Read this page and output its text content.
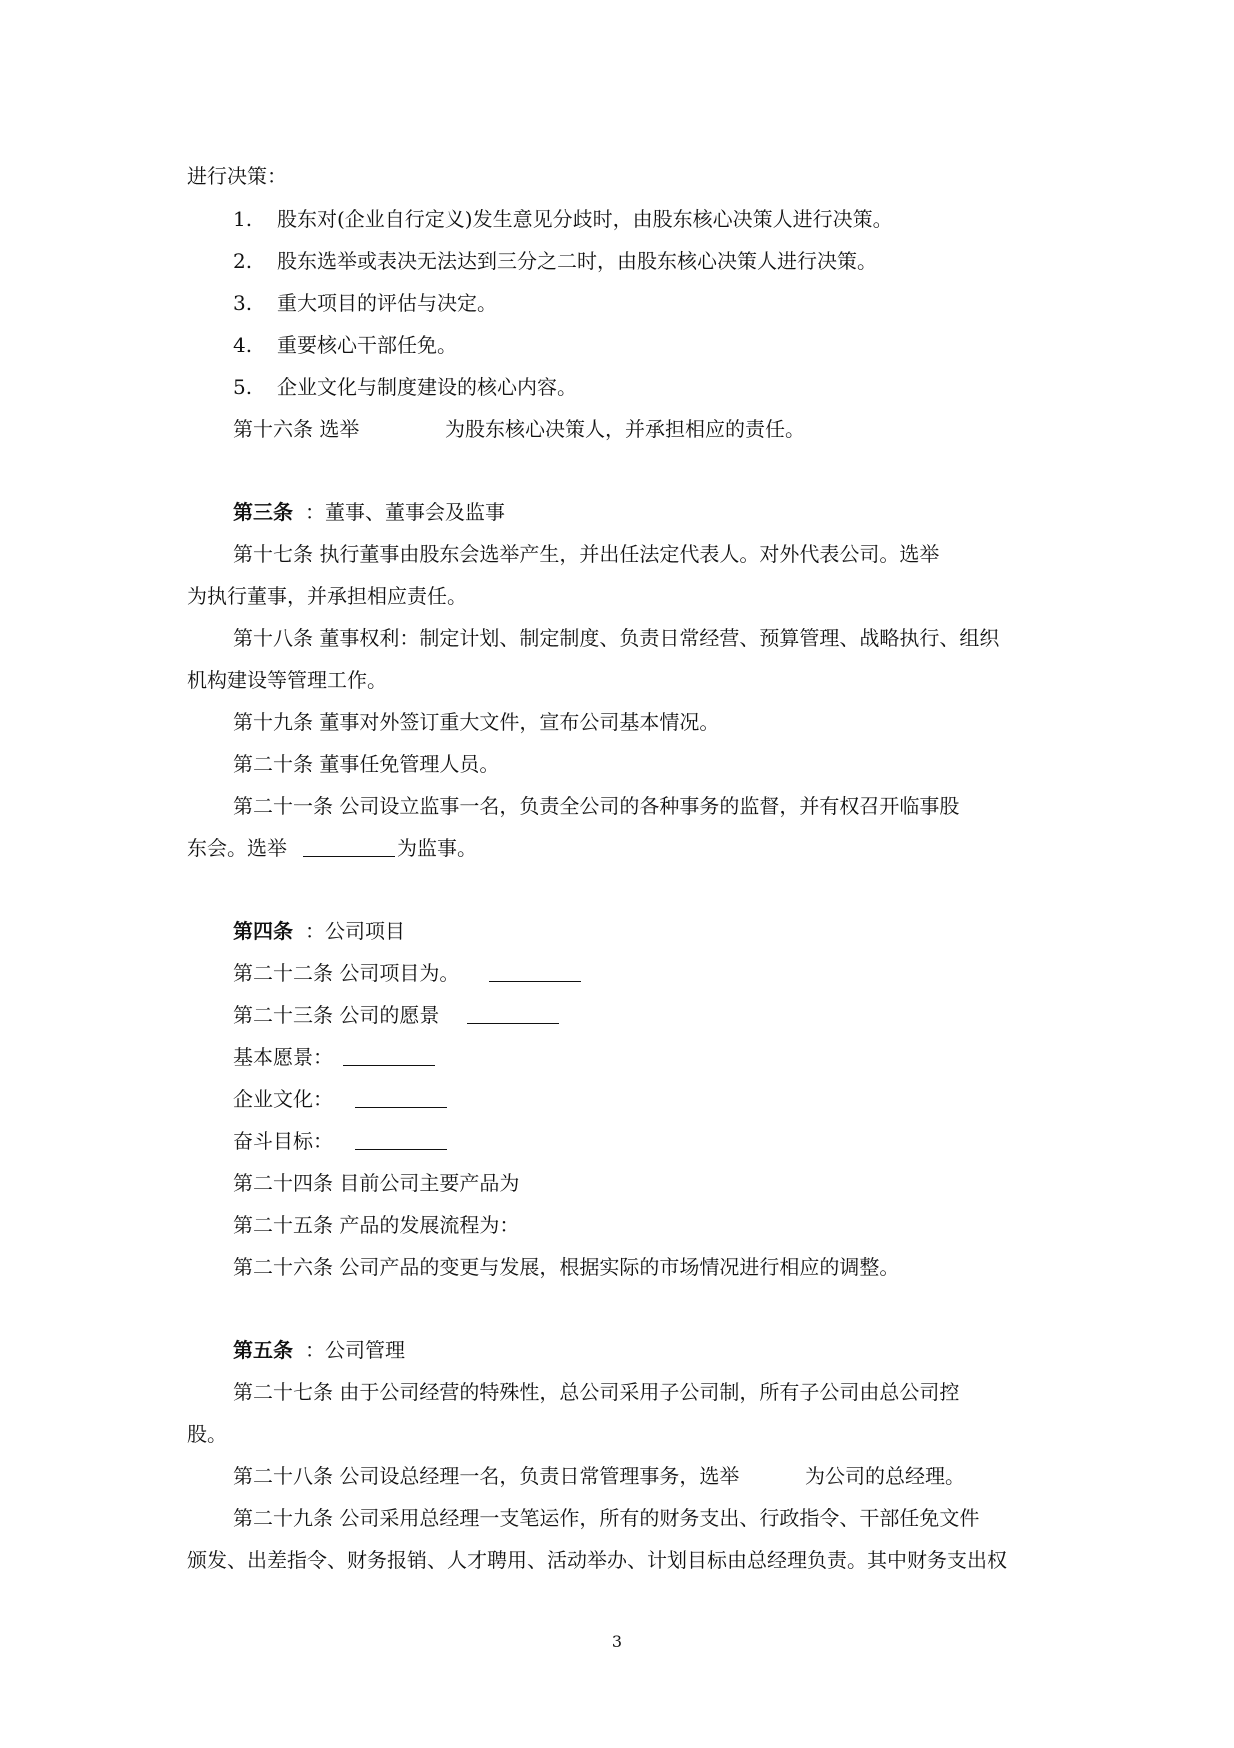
进行决策：
1. 股东对(企业自行定义)发生意见分歧时，由股东核心决策人进行决策。
2. 股东选举或表决无法达到三分之二时，由股东核心决策人进行决策。
3. 重大项目的评估与决定。
4. 重要核心干部任免。
5. 企业文化与制度建设的核心内容。
第十六条 选举	为股东核心决策人，并承担相应的责任。
第三条 ：董事、董事会及监事
第十七条 执行董事由股东会选举产生，并出任法定代表人。对外代表公司。选举
为执行董事，并承担相应责任。
第十八条 董事权利：制定计划、制定制度、负责日常经营、预算管理、战略执行、组织
机构建设等管理工作。
第十九条 董事对外签订重大文件，宣布公司基本情况。
第二十条 董事任免管理人员。
第二十一条 公司设立监事一名，负责全公司的各种事务的监督，并有权召开临事股
东会。选举	为监事。
第四条 ：公司项目
第二十二条 公司项目为。
第二十三条 公司的愿景
基本愿景：
企业文化：
奋斗目标：
第二十四条 目前公司主要产品为
第二十五条 产品的发展流程为：
第二十六条 公司产品的变更与发展，根据实际的市场情况进行相应的调整。
第五条 ：公司管理
第二十七条 由于公司经营的特殊性，总公司采用子公司制，所有子公司由总公司控
股。
第二十八条 公司设总经理一名，负责日常管理事务，选举	为公司的总经理。
第二十九条 公司采用总经理一支笔运作，所有的财务支出、行政指令、干部任免文件
颁发、出差指令、财务报销、人才聘用、活动举办、计划目标由总经理负责。其中财务支出权
3
